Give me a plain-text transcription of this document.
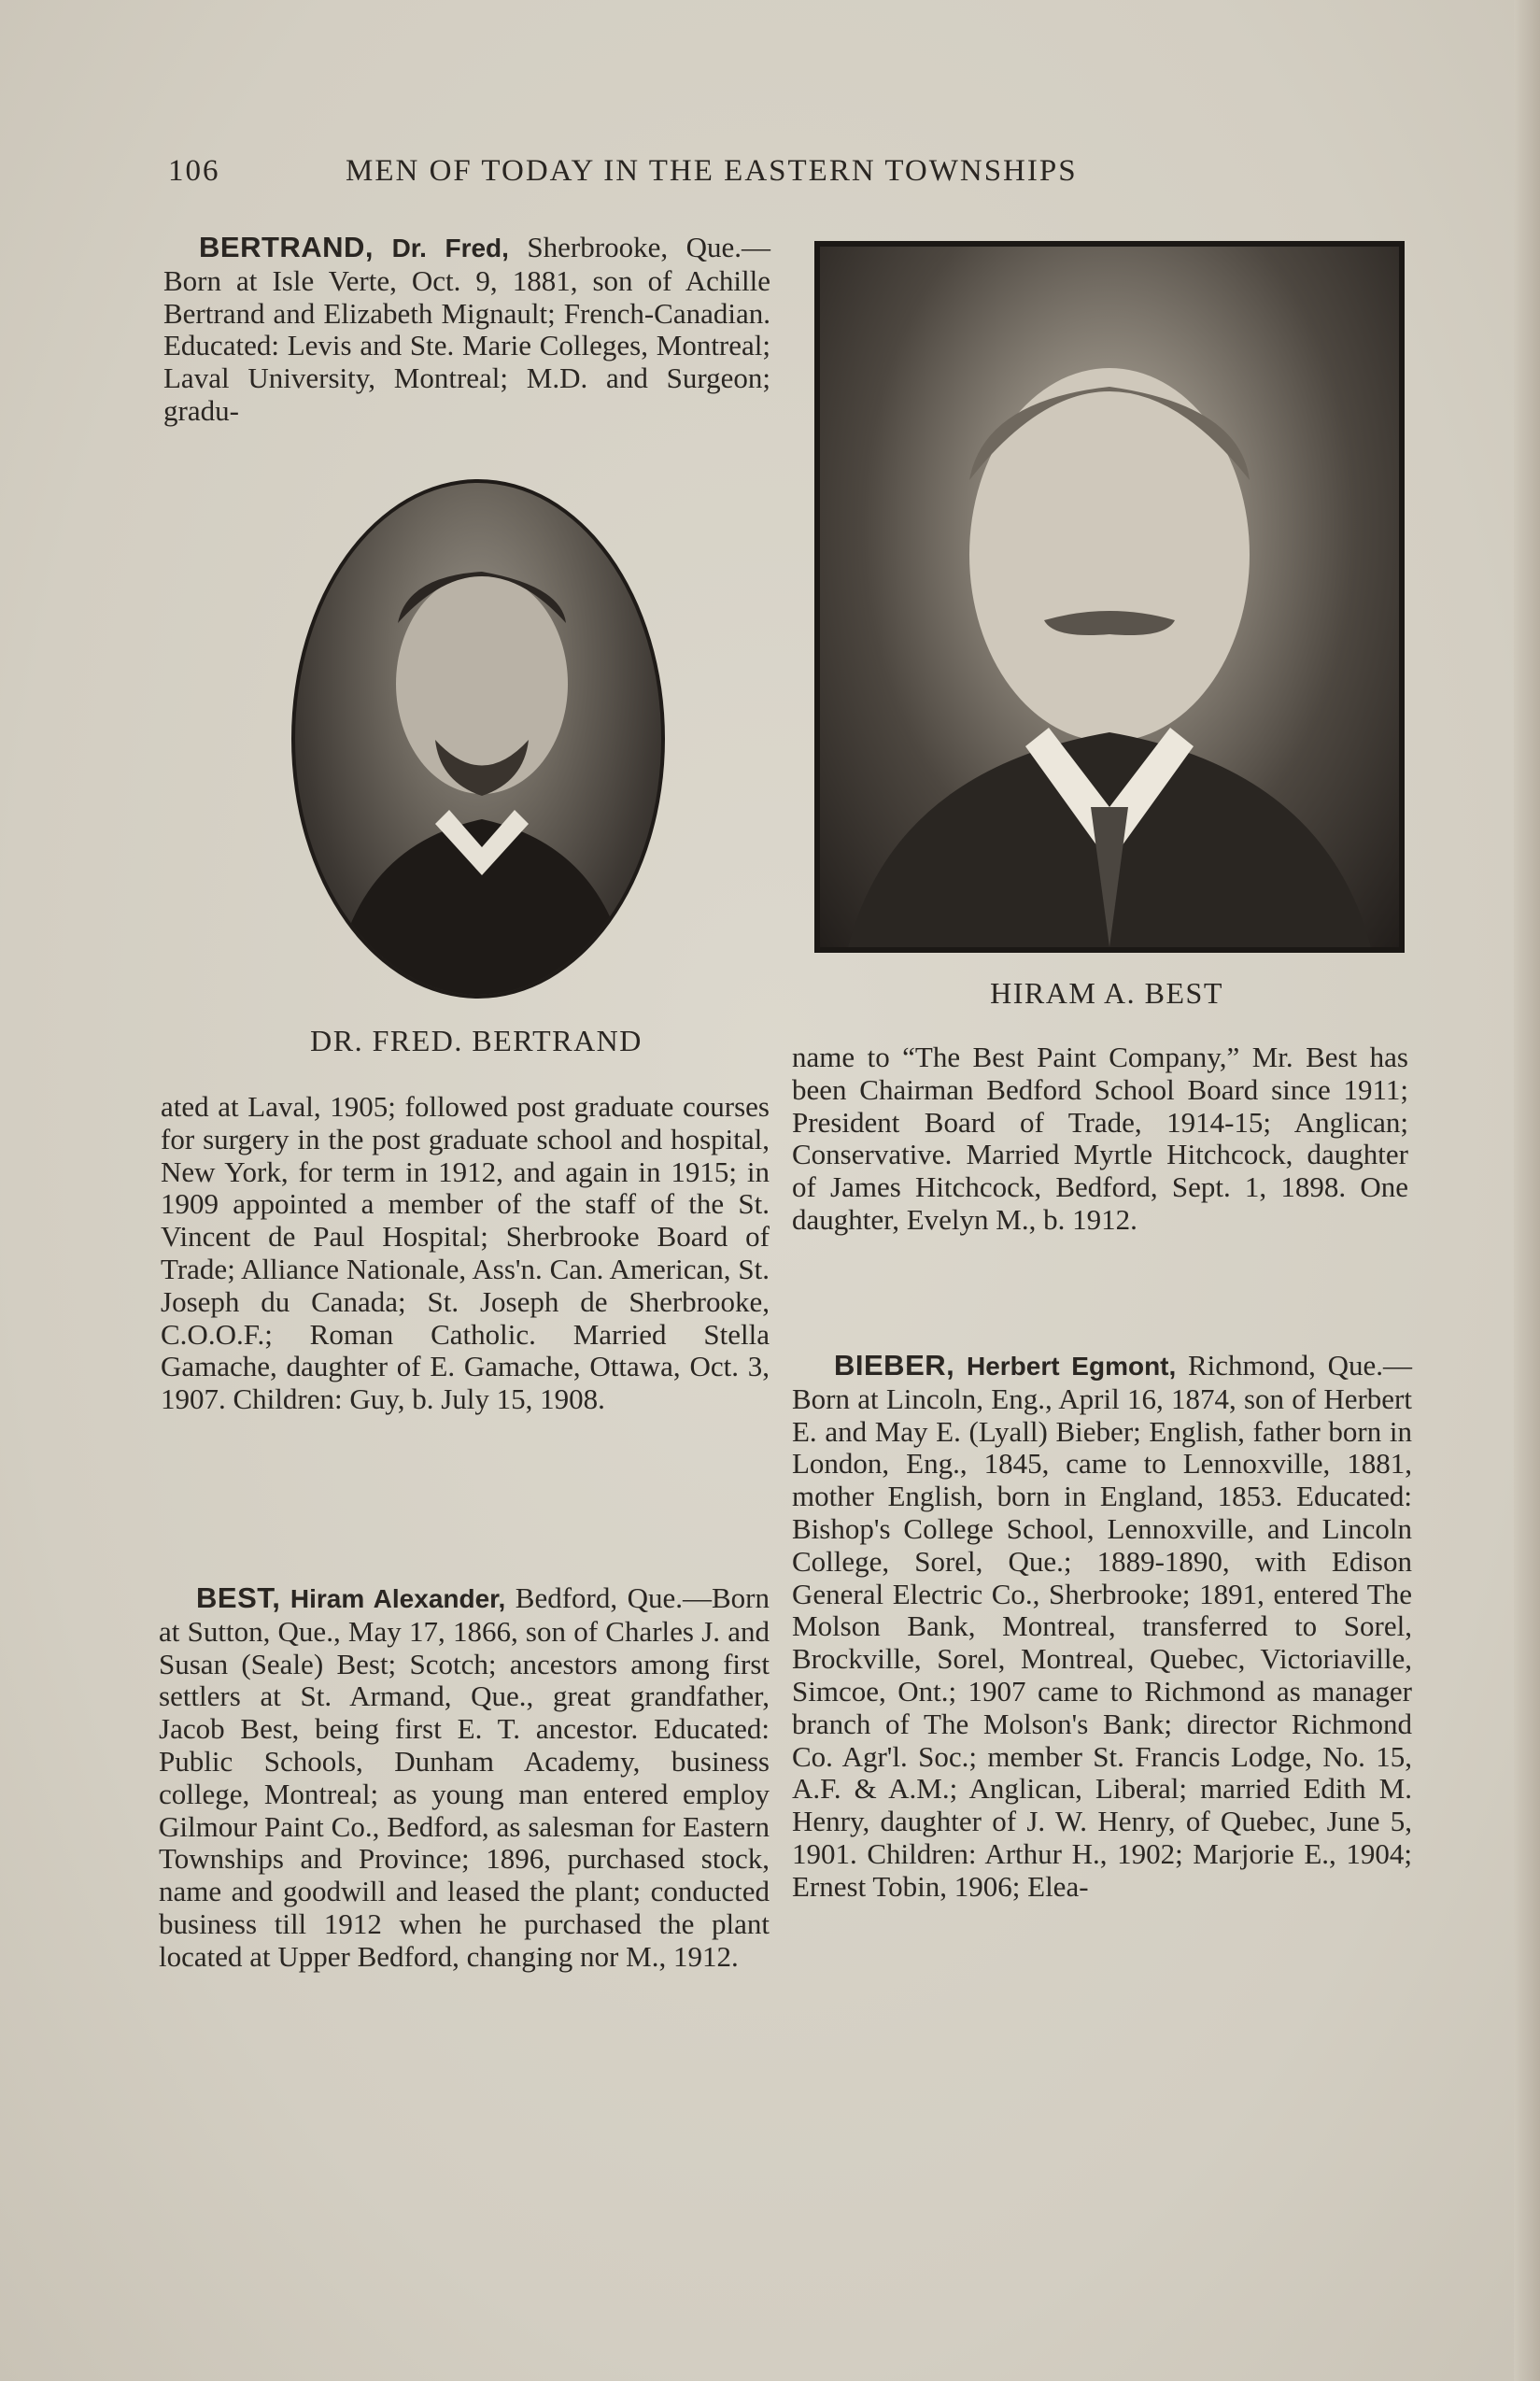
106	MEN OF TODAY IN THE EASTERN TOWNSHIPS

BERTRAND, Dr. Fred, Sherbrooke, Que.—Born at Isle Verte, Oct. 9, 1881, son of Achille Bertrand and Elizabeth Mignault; French-Canadian. Educated: Levis and Ste. Marie Colleges, Montreal; Laval University, Montreal; M.D. and Surgeon; gradu-

DR. FRED. BERTRAND

ated at Laval, 1905; followed post graduate courses for surgery in the post graduate school and hospital, New York, for term in 1912, and again in 1915; in 1909 appointed a member of the staff of the St. Vincent de Paul Hospital; Sherbrooke Board of Trade; Alliance Nationale, Ass'n. Can. American, St. Joseph du Canada; St. Joseph de Sherbrooke, C.O.O.F.; Roman Catholic. Married Stella Gamache, daughter of E. Gamache, Ottawa, Oct. 3, 1907. Children: Guy, b. July 15, 1908.

BEST, Hiram Alexander, Bedford, Que.—Born at Sutton, Que., May 17, 1866, son of Charles J. and Susan (Seale) Best; Scotch; ancestors among first settlers at St. Armand, Que., great grandfather, Jacob Best, being first E. T. ancestor. Educated: Public Schools, Dunham Academy, business college, Montreal; as young man entered employ Gilmour Paint Co., Bedford, as salesman for Eastern Townships and Province; 1896, purchased stock, name and goodwill and leased the plant; conducted business till 1912 when he purchased the plant located at Upper Bedford, changing nor M., 1912.

HIRAM A. BEST

name to “The Best Paint Company,” Mr. Best has been Chairman Bedford School Board since 1911; President Board of Trade, 1914-15; Anglican; Conservative. Married Myrtle Hitchcock, daughter of James Hitchcock, Bedford, Sept. 1, 1898. One daughter, Evelyn M., b. 1912.

BIEBER, Herbert Egmont, Richmond, Que.—Born at Lincoln, Eng., April 16, 1874, son of Herbert E. and May E. (Lyall) Bieber; English, father born in London, Eng., 1845, came to Lennoxville, 1881, mother English, born in England, 1853. Educated: Bishop's College School, Lennoxville, and Lincoln College, Sorel, Que.; 1889-1890, with Edison General Electric Co., Sherbrooke; 1891, entered The Molson Bank, Montreal, transferred to Sorel, Brockville, Sorel, Montreal, Quebec, Victoriaville, Simcoe, Ont.; 1907 came to Richmond as manager branch of The Molson's Bank; director Richmond Co. Agr'l. Soc.; member St. Francis Lodge, No. 15, A.F. & A.M.; Anglican, Liberal; married Edith M. Henry, daughter of J. W. Henry, of Quebec, June 5, 1901. Children: Arthur H., 1902; Marjorie E., 1904; Ernest Tobin, 1906; Elea-
